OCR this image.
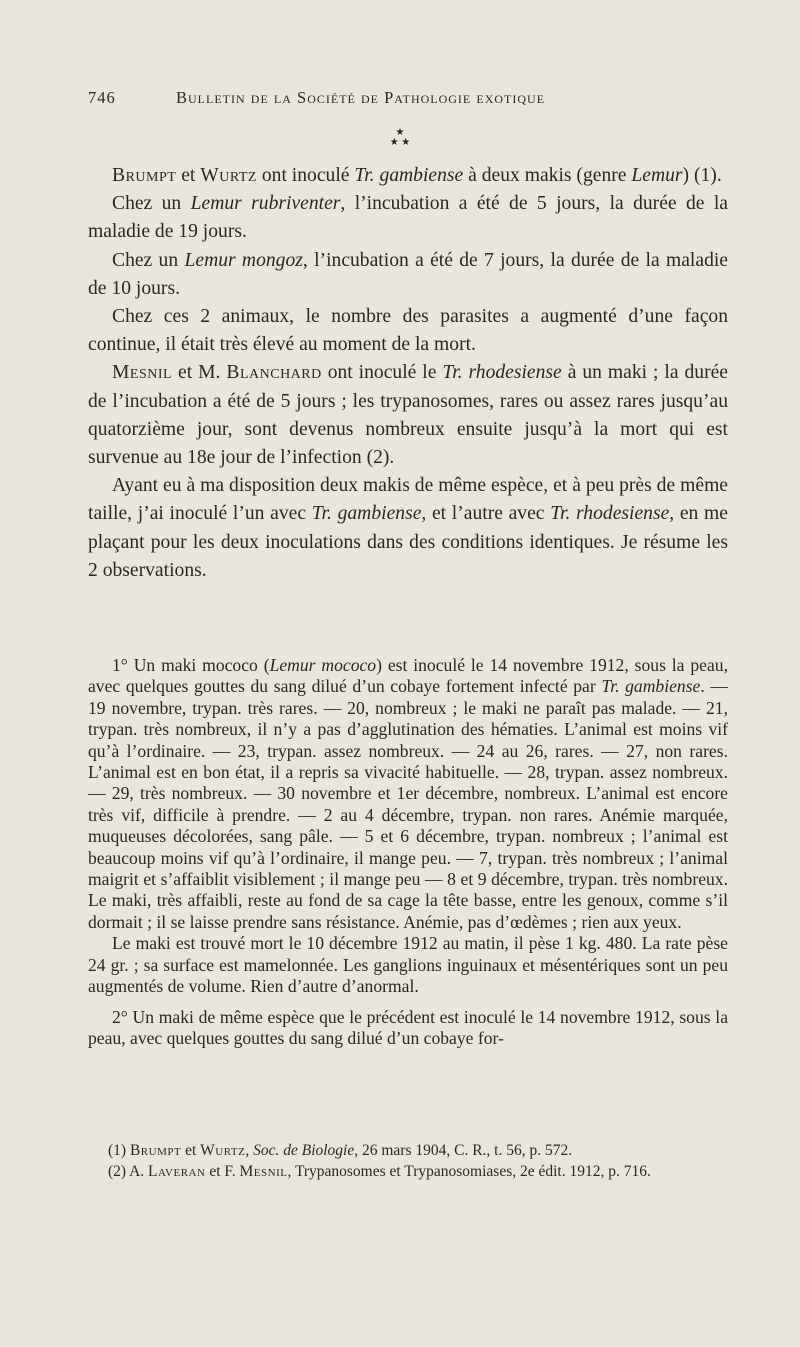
746	Bulletin de la Société de Pathologie exotique
★
★ ★

Brumpt et Wurtz ont inoculé Tr. gambiense à deux makis (genre Lemur) (1).

Chez un Lemur rubriventer, l’incubation a été de 5 jours, la durée de la maladie de 19 jours.

Chez un Lemur mongoz, l’incubation a été de 7 jours, la durée de la maladie de 10 jours.

Chez ces 2 animaux, le nombre des parasites a augmenté d’une façon continue, il était très élevé au moment de la mort.

Mesnil et M. Blanchard ont inoculé le Tr. rhodesiense à un maki ; la durée de l’incubation a été de 5 jours ; les trypanosomes, rares ou assez rares jusqu’au quatorzième jour, sont devenus nombreux ensuite jusqu’à la mort qui est survenue au 18e jour de l’infection (2).

Ayant eu à ma disposition deux makis de même espèce, et à peu près de même taille, j’ai inoculé l’un avec Tr. gambiense, et l’autre avec Tr. rhodesiense, en me plaçant pour les deux inoculations dans des conditions identiques. Je résume les 2 observations.

1° Un maki mococo (Lemur mococo) est inoculé le 14 novembre 1912, sous la peau, avec quelques gouttes du sang dilué d’un cobaye fortement infecté par Tr. gambiense. — 19 novembre, trypan. très rares. — 20, nombreux ; le maki ne paraît pas malade. — 21, trypan. très nombreux, il n’y a pas d’agglutination des hématies. L’animal est moins vif qu’à l’ordinaire. — 23, trypan. assez nombreux. — 24 au 26, rares. — 27, non rares. L’animal est en bon état, il a repris sa vivacité habituelle. — 28, trypan. assez nombreux. — 29, très nombreux. — 30 novembre et 1er décembre, nombreux. L’animal est encore très vif, difficile à prendre. — 2 au 4 décembre, trypan. non rares. Anémie marquée, muqueuses décolorées, sang pâle. — 5 et 6 décembre, trypan. nombreux ; l’animal est beaucoup moins vif qu’à l’ordinaire, il mange peu. — 7, trypan. très nombreux ; l’animal maigrit et s’affaiblit visiblement ; il mange peu — 8 et 9 décembre, trypan. très nombreux. Le maki, très affaibli, reste au fond de sa cage la tête basse, entre les genoux, comme s’il dormait ; il se laisse prendre sans résistance. Anémie, pas d’œdèmes ; rien aux yeux.

Le maki est trouvé mort le 10 décembre 1912 au matin, il pèse 1 kg. 480. La rate pèse 24 gr. ; sa surface est mamelonnée. Les ganglions inguinaux et mésentériques sont un peu augmentés de volume. Rien d’autre d’anormal.

2° Un maki de même espèce que le précédent est inoculé le 14 novembre 1912, sous la peau, avec quelques gouttes du sang dilué d’un cobaye for-

(1) Brumpt et Wurtz, Soc. de Biologie, 26 mars 1904, C. R., t. 56, p. 572.

(2) A. Laveran et F. Mesnil, Trypanosomes et Trypanosomiases, 2e édit. 1912, p. 716.
